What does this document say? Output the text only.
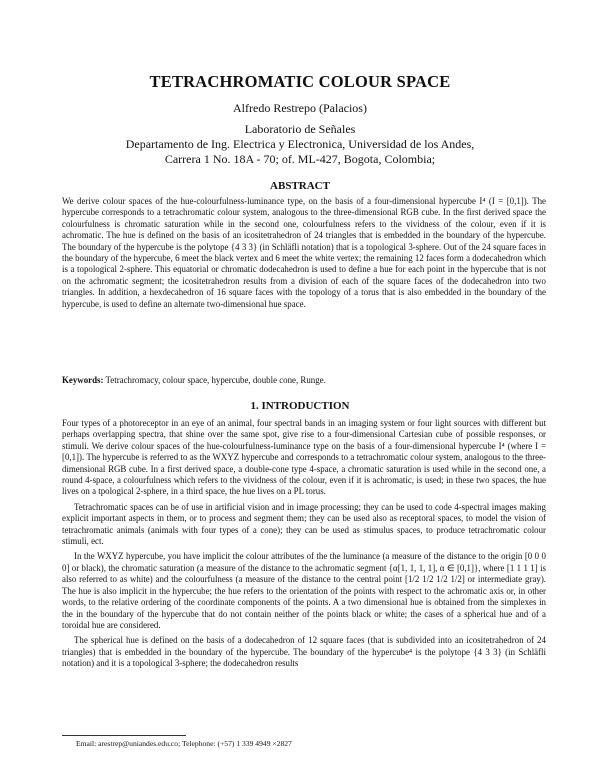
TETRACHROMATIC COLOUR SPACE
Alfredo Restrepo (Palacios)
Laboratorio de Señales
Departamento de Ing. Electrica y Electronica, Universidad de los Andes,
Carrera 1 No. 18A - 70; of. ML-427, Bogota, Colombia;
ABSTRACT
We derive colour spaces of the hue-colourfulness-luminance type, on the basis of a four-dimensional hypercube I⁴ (I = [0,1]). The hypercube corresponds to a tetrachromatic colour system, analogous to the three-dimensional RGB cube. In the first derived space the colourfulness is chromatic saturation while in the second one, colourfulness refers to the vividness of the colour, even if it is achromatic. The hue is defined on the basis of an icositetrahedron of 24 triangles that is embedded in the boundary of the hypercube. The boundary of the hypercube is the polytope {4 3 3} (in Schläfli notation) that is a topological 3-sphere. Out of the 24 square faces in the boundary of the hypercube, 6 meet the black vertex and 6 meet the white vertex; the remaining 12 faces form a dodecahedron which is a topological 2-sphere. This equatorial or chromatic dodecahedron is used to define a hue for each point in the hypercube that is not on the achromatic segment; the icositetrahedron results from a division of each of the square faces of the dodecahedron into two triangles. In addition, a hexdecahedron of 16 square faces with the topology of a torus that is also embedded in the boundary of the hypercube, is used to define an alternate two-dimensional hue space.
Keywords: Tetrachromacy, colour space, hypercube, double cone, Runge.
1. INTRODUCTION

Four types of a photoreceptor in an eye of an animal, four spectral bands in an imaging system or four light sources with different but perhaps overlapping spectra, that shine over the same spot, give rise to a four-dimensional Cartesian cube of possible responses, or stimuli. We derive colour spaces of the hue-colourfulness-luminance type on the basis of a four-dimensional hypercube I⁴ (where I = [0,1]). The hypercube is referred to as the WXYZ hypercube and corresponds to a tetrachromatic colour system, analogous to the three-dimensional RGB cube. In a first derived space, a double-cone type 4-space, a chromatic saturation is used while in the second one, a round 4-space, a colourfulness which refers to the vividness of the colour, even if it is achromatic, is used; in these two spaces, the hue lives on a tpological 2-sphere, in a third space, the hue lives on a PL torus.

Tetrachromatic spaces can be of use in artificial vision and in image processing; they can be used to code 4-spectral images making explicit important aspects in them, or to process and segment them; they can be used also as receptoral spaces, to model the vision of tetrachromatic animals (animals with four types of a cone); they can be used as stimulus spaces, to produce tetrachromatic colour stimuli, ect.

In the WXYZ hypercube, you have implicit the colour attributes of the the luminance (a measure of the distance to the origin [0 0 0 0] or black), the chromatic saturation (a measure of the distance to the achromatic segment {α[1, 1, 1, 1], α ∈ [0,1]}, where [1 1 1 1] is also referred to as white) and the colourfulness (a measure of the distance to the central point [1/2 1/2 1/2 1/2] or intermediate gray). The hue is also implicit in the hypercube; the hue refers to the orientation of the points with respect to the achromatic axis or, in other words, to the relative ordering of the coordinate components of the points. A a two dimensional hue is obtained from the simplexes in the in the boundary of the hypercube that do not contain neither of the points black or white; the cases of a spherical hue and of a toroidal hue are considered.

The spherical hue is defined on the basis of a dodecahedron of 12 square faces (that is subdivided into an icositetrahedron of 24 triangles) that is embedded in the boundary of the hypercube. The boundary of the hypercube⁴ is the polytope {4 3 3} (in Schläfli notation) and it is a topological 3-sphere; the dodecahedron results

Email: arestrep@uniandes.edu.co; Telephone: (+57) 1 339 4949 ×2827
